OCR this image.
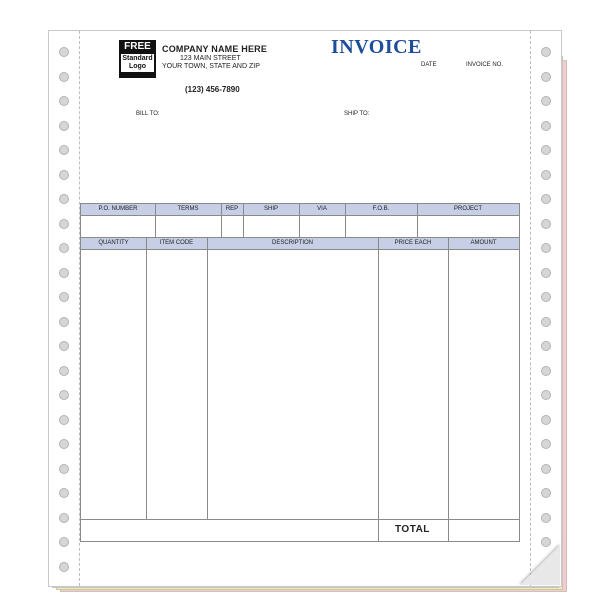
FREE
Standard
Logo
COMPANY NAME HERE
123 MAIN STREET
YOUR TOWN, STATE AND ZIP
(123) 456-7890
INVOICE
DATE	INVOICE NO.
BILL TO:	SHIP TO:
P.O. NUMBER	TERMS	REP	SHIP	VIA	F.O.B.	PROJECT
QUANTITY	ITEM CODE	DESCRIPTION	PRICE EACH	AMOUNT
TOTAL
